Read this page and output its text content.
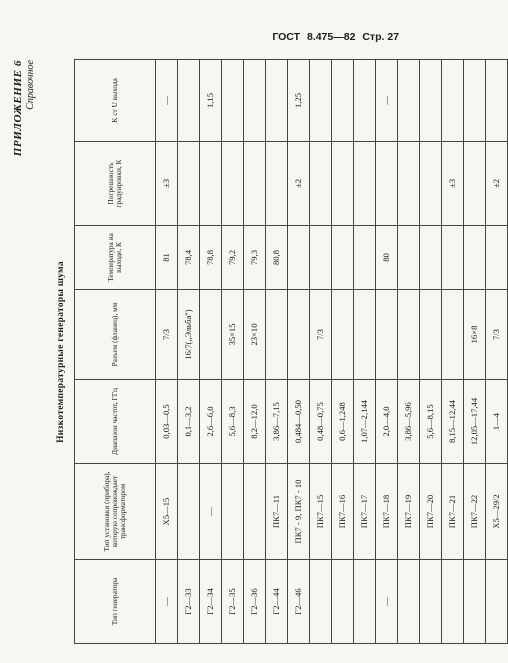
ГОСТ 8.475—82 Стр. 27
ПРИЛОЖЕНИЕ 6 Справочное
Низкотемпературные генераторы шума
Тип генератора	Тип установки (прибора), которую сопровождает трансформатором	Диапазон частот, ГГц	Разъем (фланец), мм	Температура на выходе, К	Погрешность градуировки, К	K ст U выхода
—	Х5—15	0,03—0,5	7/3	81	±3	—
Г2—33		0,1—3,2	16/7(„Эльба")	78,4		
Г2—34	—	2,6—6,0		78,8		1,15
Г2—35		5,6—8,3	35×15	79,2		
Г2—36		8,2—12,0	23×10	79,3		
Г2—44	ПК7—11	3,86—7,15		80,8		
Г2—46	ПК7 - 9, ПК7 - 10	0,484—0,50			±2	1,25
	ПК7—15	0,48—0,75	7/3			
	ПК7—16	0,6—1,248				
	ПК7—17	1,07—2,144				
—	ПК7—18	2,0—4,0		80		—
	ПК7—19	3,86—5,96				
	ПК7—20	5,6—8,15				
	ПК7—21	8,15—12,44			±3	
	ПК7—22	12,05—17,44	16×8			
	Х5—29/2	1—4	7/3		±2	
